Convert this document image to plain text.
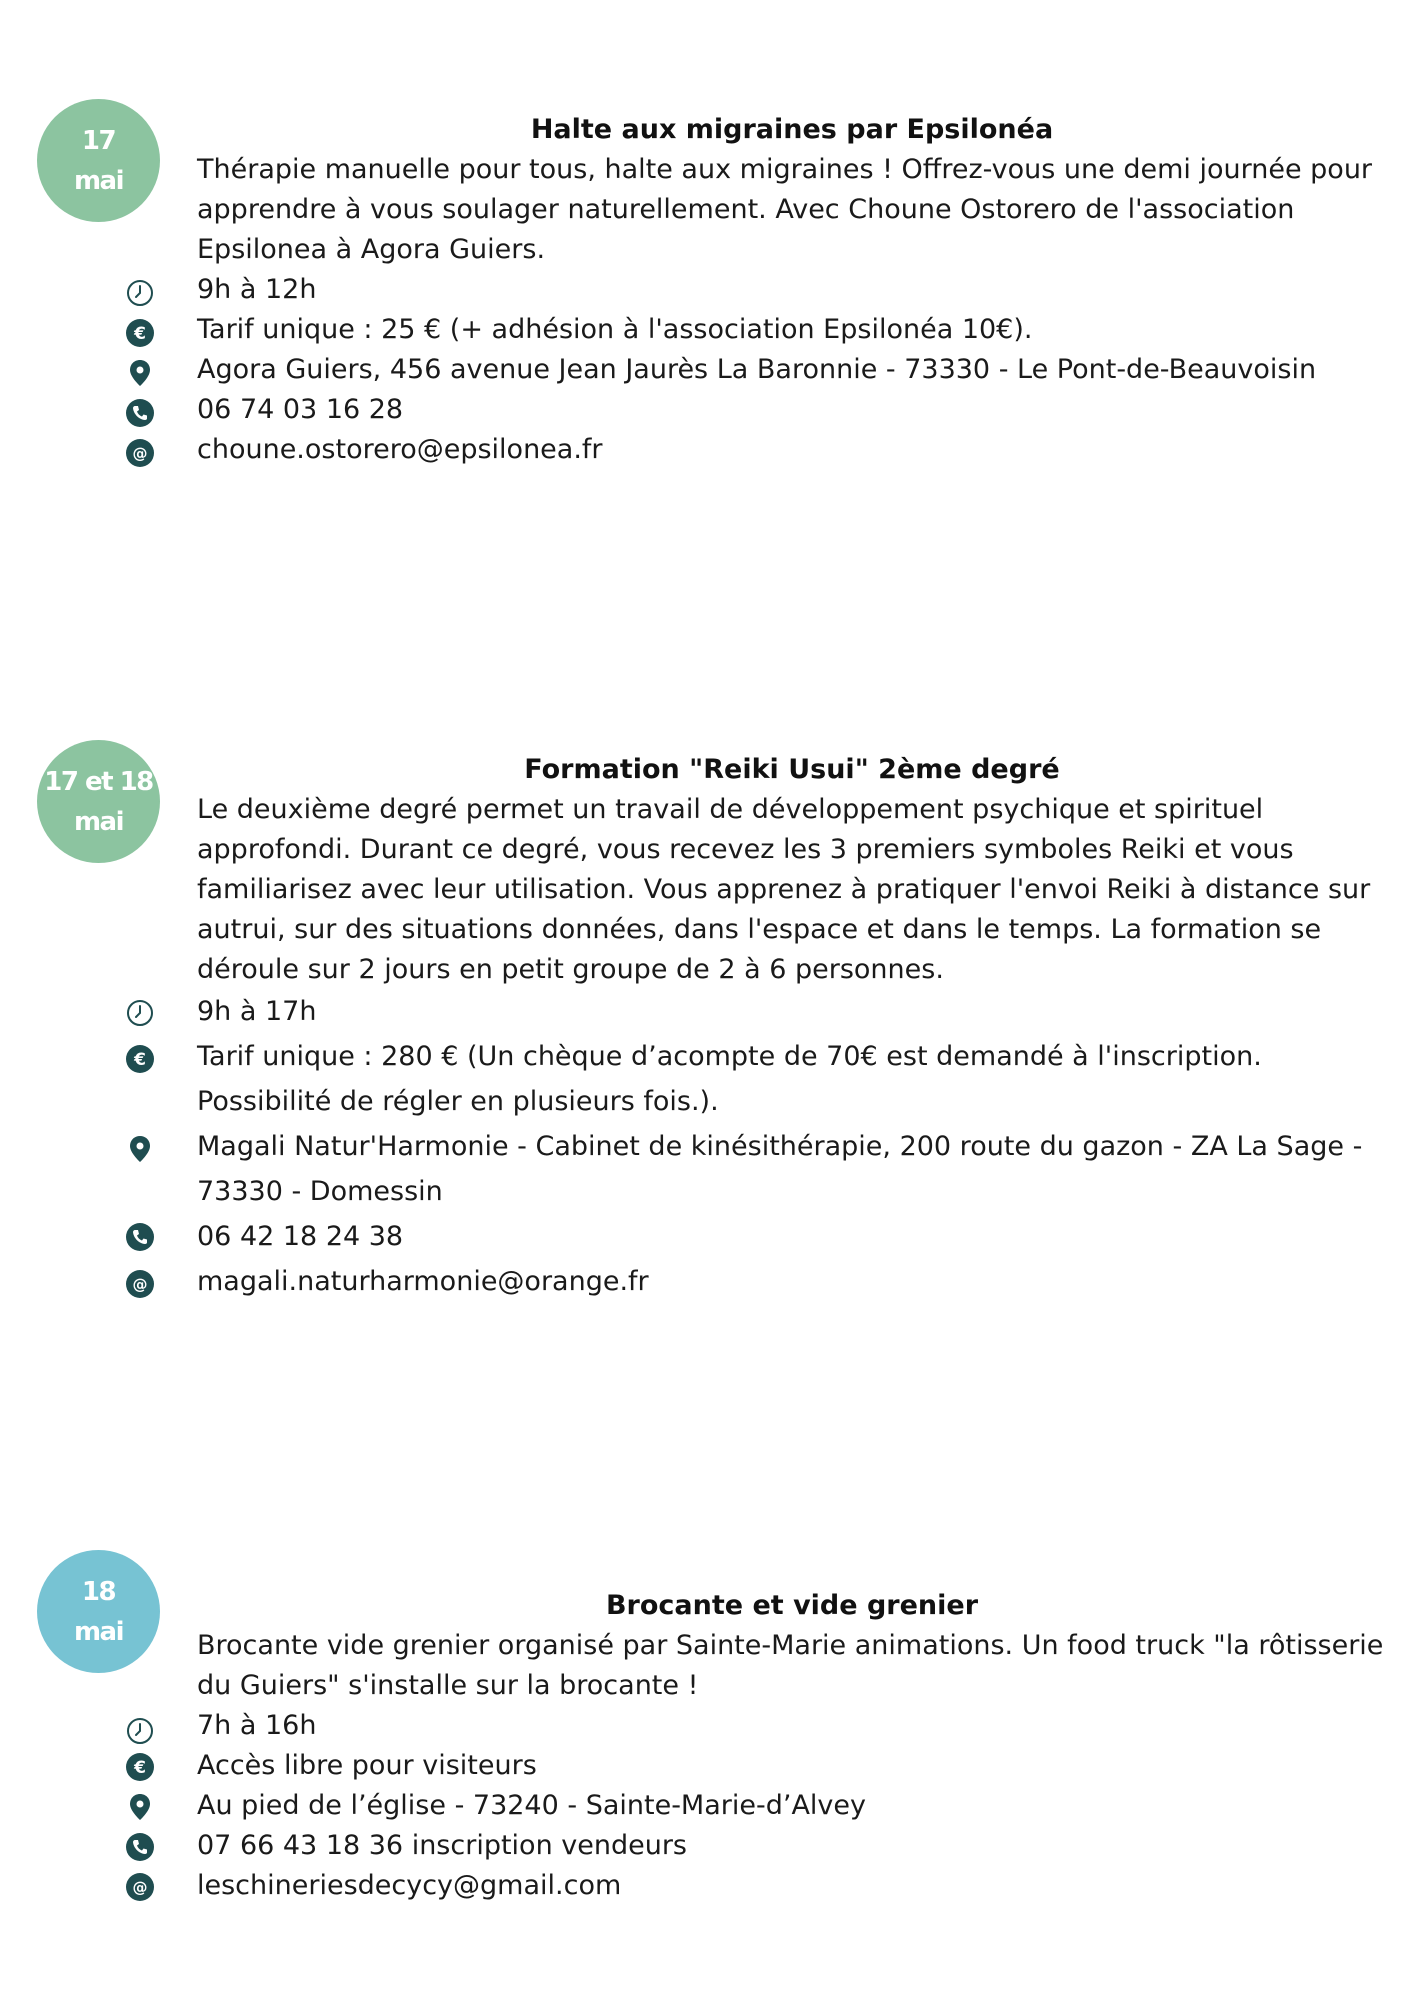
17
mai
Halte aux migraines par Epsilonéa

Thérapie manuelle pour tous, halte aux migraines ! Offrez-vous une demi journée pour apprendre à vous soulager naturellement. Avec Choune Ostorero de l'association Epsilonea à Agora Guiers.

9h à 12h
€ Tarif unique : 25 € (+ adhésion à l'association Epsilonéa 10€).
Agora Guiers, 456 avenue Jean Jaurès La Baronnie - 73330 - Le Pont-de-Beauvoisin
06 74 03 16 28
@ choune.ostorero@epsilonea.fr
17 et 18
mai
Formation "Reiki Usui" 2ème degré

Le deuxième degré permet un travail de développement psychique et spirituel approfondi. Durant ce degré, vous recevez les 3 premiers symboles Reiki et vous familiarisez avec leur utilisation. Vous apprenez à pratiquer l'envoi Reiki à distance sur autrui, sur des situations données, dans l'espace et dans le temps. La formation se déroule sur 2 jours en petit groupe de 2 à 6 personnes.

9h à 17h
€ Tarif unique : 280 € (Un chèque d’acompte de 70€ est demandé à l'inscription. Possibilité de régler en plusieurs fois.).
Magali Natur'Harmonie - Cabinet de kinésithérapie, 200 route du gazon - ZA La Sage - 73330 - Domessin
06 42 18 24 38
@ magali.naturharmonie@orange.fr
18
mai
Brocante et vide grenier

Brocante vide grenier organisé par Sainte-Marie animations. Un food truck "la rôtisserie du Guiers" s'installe sur la brocante !

7h à 16h
€ Accès libre pour visiteurs
Au pied de l’église - 73240 - Sainte-Marie-d’Alvey
07 66 43 18 36 inscription vendeurs
@ leschineriesdecycy@gmail.com
